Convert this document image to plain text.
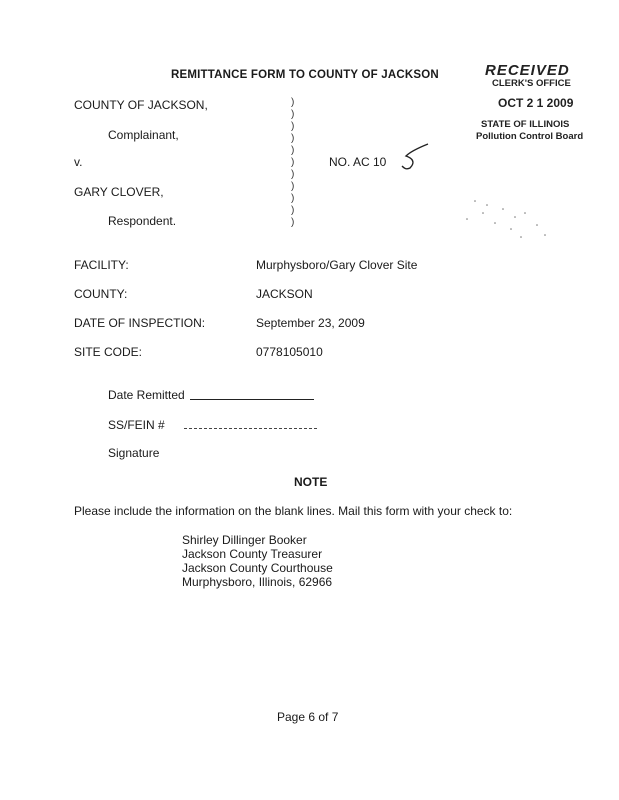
REMITTANCE FORM TO COUNTY OF JACKSON	RECEIVED
CLERK'S OFFICE
OCT 2 1 2009
STATE OF ILLINOIS
Pollution Control Board
COUNTY OF JACKSON,
Complainant,
v.
GARY CLOVER,
Respondent.
)
)
)
)
)
)
)
)
)
)
)
NO. AC 10
FACILITY:	Murphysboro/Gary Clover Site
COUNTY:	JACKSON
DATE OF INSPECTION:	September 23, 2009
SITE CODE:	0778105010
Date Remitted
SS/FEIN #
Signature
NOTE
Please include the information on the blank lines. Mail this form with your check to:
Shirley Dillinger Booker
Jackson County Treasurer
Jackson County Courthouse
Murphysboro, Illinois, 62966
Page 6 of 7
